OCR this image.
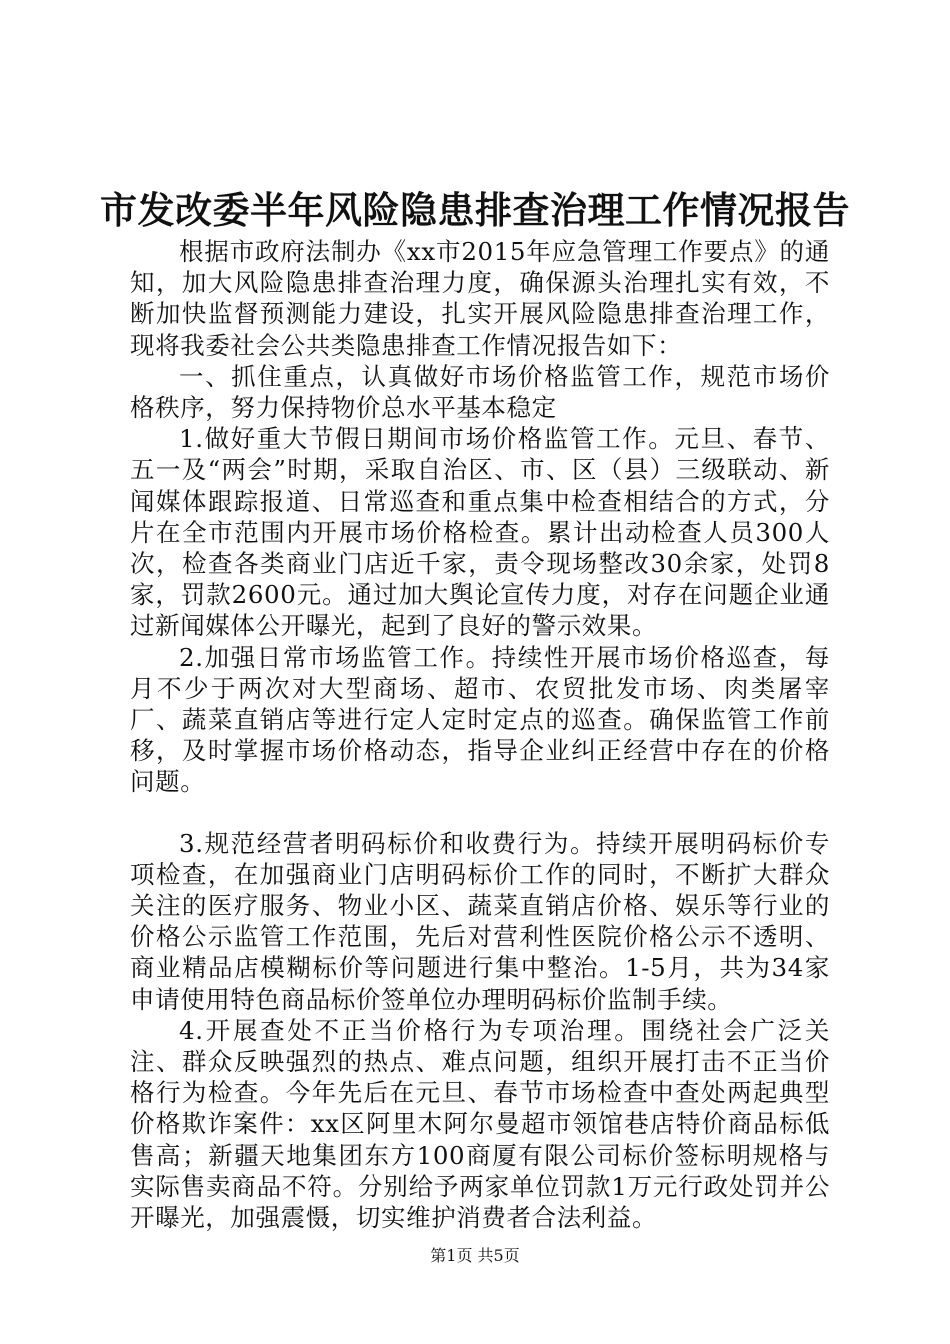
市发改委半年风险隐患排查治理工作情况报告

根据市政府法制办《xx市2015年应急管理工作要点》的通知，加大风险隐患排查治理力度，确保源头治理扎实有效，不断加快监督预测能力建设，扎实开展风险隐患排查治理工作，现将我委社会公共类隐患排查工作情况报告如下：

一、抓住重点，认真做好市场价格监管工作，规范市场价格秩序，努力保持物价总水平基本稳定

1.做好重大节假日期间市场价格监管工作。元旦、春节、五一及“两会”时期，采取自治区、市、区（县）三级联动、新闻媒体跟踪报道、日常巡查和重点集中检查相结合的方式，分片在全市范围内开展市场价格检查。累计出动检查人员300人次，检查各类商业门店近千家，责令现场整改30余家，处罚8家，罚款2600元。通过加大舆论宣传力度，对存在问题企业通过新闻媒体公开曝光，起到了良好的警示效果。

2.加强日常市场监管工作。持续性开展市场价格巡查，每月不少于两次对大型商场、超市、农贸批发市场、肉类屠宰厂、蔬菜直销店等进行定人定时定点的巡查。确保监管工作前移，及时掌握市场价格动态，指导企业纠正经营中存在的价格问题。

3.规范经营者明码标价和收费行为。持续开展明码标价专项检查，在加强商业门店明码标价工作的同时，不断扩大群众关注的医疗服务、物业小区、蔬菜直销店价格、娱乐等行业的价格公示监管工作范围，先后对营利性医院价格公示不透明、商业精品店模糊标价等问题进行集中整治。1-5月，共为34家申请使用特色商品标价签单位办理明码标价监制手续。

4.开展查处不正当价格行为专项治理。围绕社会广泛关注、群众反映强烈的热点、难点问题，组织开展打击不正当价格行为检查。今年先后在元旦、春节市场检查中查处两起典型价格欺诈案件：xx区阿里木阿尔曼超市领馆巷店特价商品标低售高；新疆天地集团东方100商厦有限公司标价签标明规格与实际售卖商品不符。分别给予两家单位罚款1万元行政处罚并公开曝光，加强震慑，切实维护消费者合法利益。

第1页 共5页
